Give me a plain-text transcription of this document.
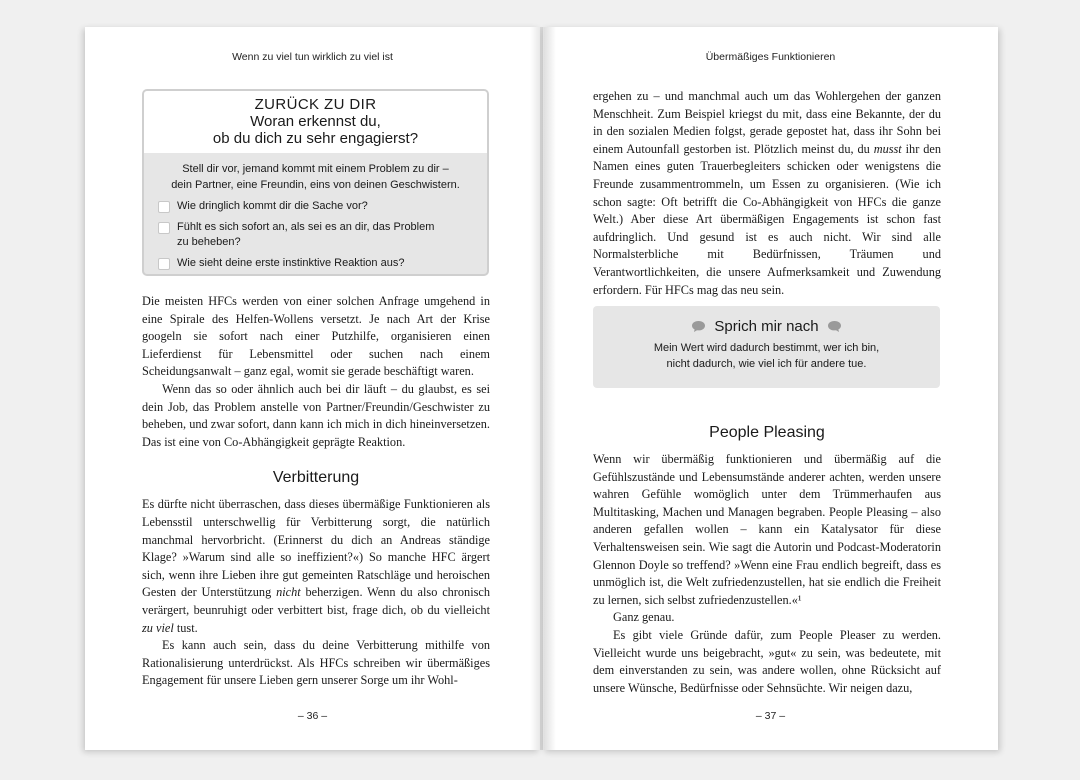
Wenn zu viel tun wirklich zu viel ist
ZURÜCK ZU DIR
Woran erkennst du,
ob du dich zu sehr engagierst?
Stell dir vor, jemand kommt mit einem Problem zu dir –
dein Partner, eine Freundin, eins von deinen Geschwistern.
Wie dringlich kommt dir die Sache vor?
Fühlt es sich sofort an, als sei es an dir, das Problem
zu beheben?
Wie sieht deine erste instinktive Reaktion aus?

Die meisten HFCs werden von einer solchen Anfrage umgehend in eine Spirale des Helfen-Wollens versetzt. Je nach Art der Krise googeln sie sofort nach einer Putzhilfe, organisieren einen Lieferdienst für Lebensmittel oder suchen nach einem Scheidungsanwalt – ganz egal, womit sie gerade beschäftigt waren.

Wenn das so oder ähnlich auch bei dir läuft – du glaubst, es sei dein Job, das Problem anstelle von Partner/Freundin/Geschwister zu beheben, und zwar sofort, dann kann ich mich in dich hineinversetzen. Das ist eine von Co-Abhängigkeit geprägte Reaktion.

Verbitterung

Es dürfte nicht überraschen, dass dieses übermäßige Funktionieren als Lebensstil unterschwellig für Verbitterung sorgt, die natürlich manchmal hervorbricht. (Erinnerst du dich an Andreas ständige Klage? »Warum sind alle so ineffizient?«) So manche HFC ärgert sich, wenn ihre Lieben ihre gut gemeinten Ratschläge und heroischen Gesten der Unterstützung nicht beherzigen. Wenn du also chronisch verärgert, beunruhigt oder verbittert bist, frage dich, ob du vielleicht zu viel tust.

Es kann auch sein, dass du deine Verbitterung mithilfe von Rationalisierung unterdrückst. Als HFCs schreiben wir übermäßiges Engagement für unsere Lieben gern unserer Sorge um ihr Wohl-

– 36 –
Übermäßiges Funktionieren

ergehen zu – und manchmal auch um das Wohlergehen der ganzen Menschheit. Zum Beispiel kriegst du mit, dass eine Bekannte, der du in den sozialen Medien folgst, gerade gepostet hat, dass ihr Sohn bei einem Autounfall gestorben ist. Plötzlich meinst du, du musst ihr den Namen eines guten Trauerbegleiters schicken oder wenigstens die Freunde zusammentrommeln, um Essen zu organisieren. (Wie ich schon sagte: Oft betrifft die Co-Abhängigkeit von HFCs die ganze Welt.) Aber diese Art übermäßigen Engagements ist schon fast aufdringlich. Und gesund ist es auch nicht. Wir sind alle Normalsterbliche mit Bedürfnissen, Träumen und Verantwortlichkeiten, die unsere Aufmerksamkeit und Zuwendung erfordern. Für HFCs mag das neu sein.

Sprich mir nach
Mein Wert wird dadurch bestimmt, wer ich bin,
nicht dadurch, wie viel ich für andere tue.
People Pleasing

Wenn wir übermäßig funktionieren und übermäßig auf die Gefühlszustände und Lebensumstände anderer achten, werden unsere wahren Gefühle womöglich unter dem Trümmerhaufen aus Multitasking, Machen und Managen begraben. People Pleasing – also anderen gefallen wollen – kann ein Katalysator für diese Verhaltensweisen sein. Wie sagt die Autorin und Podcast-Moderatorin Glennon Doyle so treffend? »Wenn eine Frau endlich begreift, dass es unmöglich ist, die Welt zufriedenzustellen, hat sie endlich die Freiheit zu lernen, sich selbst zufriedenzustellen.«¹

Ganz genau.

Es gibt viele Gründe dafür, zum People Pleaser zu werden. Vielleicht wurde uns beigebracht, »gut« zu sein, was bedeutete, mit dem einverstanden zu sein, was andere wollen, ohne Rücksicht auf unsere Wünsche, Bedürfnisse oder Sehnsüchte. Wir neigen dazu,

– 37 –
